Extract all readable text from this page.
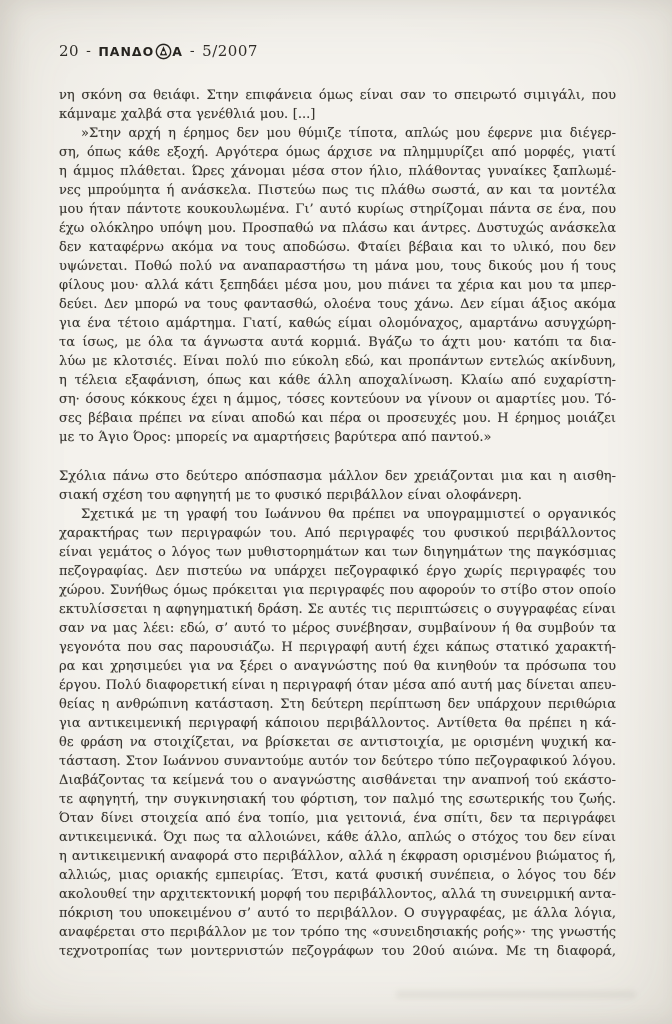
20 - ΠΑΝΔΟ Α - 5/2007
νη σκόνη σα θειάφι. Στην επιφάνεια όμως είναι σαν το σπειρωτό σιμιγάλι, που
κάμναμε χαλβά στα γενέθλιά μου. [...]
»Στην αρχή η έρημος δεν μου θύμιζε τίποτα, απλώς μου έφερνε μια διέγερ-
ση, όπως κάθε εξοχή. Αργότερα όμως άρχισε να πλημμυρίζει από μορφές, γιατί
η άμμος πλάθεται. Ώρες χάνομαι μέσα στον ήλιο, πλάθοντας γυναίκες ξαπλωμέ-
νες μπρούμητα ή ανάσκελα. Πιστεύω πως τις πλάθω σωστά, αν και τα μοντέλα
μου ήταν πάντοτε κουκουλωμένα. Γι’ αυτό κυρίως στηρίζομαι πάντα σε ένα, που
έχω ολόκληρο υπόψη μου. Προσπαθώ να πλάσω και άντρες. Δυστυχώς ανάσκελα
δεν καταφέρνω ακόμα να τους αποδώσω. Φταίει βέβαια και το υλικό, που δεν
υψώνεται. Ποθώ πολύ να αναπαραστήσω τη μάνα μου, τους δικούς μου ή τους
φίλους μου· αλλά κάτι ξεπηδάει μέσα μου, μου πιάνει τα χέρια και μου τα μπερ-
δεύει. Δεν μπορώ να τους φαντασθώ, ολοένα τους χάνω. Δεν είμαι άξιος ακόμα
για ένα τέτοιο αμάρτημα. Γιατί, καθώς είμαι ολομόναχος, αμαρτάνω ασυγχώρη-
τα ίσως, με όλα τα άγνωστα αυτά κορμιά. Βγάζω το άχτι μου· κατόπι τα δια-
λύω με κλοτσιές. Είναι πολύ πιο εύκολη εδώ, και προπάντων εντελώς ακίνδυνη,
η τέλεια εξαφάνιση, όπως και κάθε άλλη αποχαλίνωση. Κλαίω από ευχαρίστη-
ση· όσους κόκκους έχει η άμμος, τόσες κοντεύουν να γίνουν οι αμαρτίες μου. Τό-
σες βέβαια πρέπει να είναι αποδώ και πέρα οι προσευχές μου. Η έρημος μοιάζει
με το Άγιο Όρος: μπορείς να αμαρτήσεις βαρύτερα από παντού.»
Σχόλια πάνω στο δεύτερο απόσπασμα μάλλον δεν χρειάζονται μια και η αισθη-
σιακή σχέση του αφηγητή με το φυσικό περιβάλλον είναι ολοφάνερη.
Σχετικά με τη γραφή του Ιωάννου θα πρέπει να υπογραμμιστεί ο οργανικός
χαρακτήρας των περιγραφών του. Από περιγραφές του φυσικού περιβάλλοντος
είναι γεμάτος ο λόγος των μυθιστορημάτων και των διηγημάτων της παγκόσμιας
πεζογραφίας. Δεν πιστεύω να υπάρχει πεζογραφικό έργο χωρίς περιγραφές του
χώρου. Συνήθως όμως πρόκειται για περιγραφές που αφορούν το στίβο στον οποίο
εκτυλίσσεται η αφηγηματική δράση. Σε αυτές τις περιπτώσεις ο συγγραφέας είναι
σαν να μας λέει: εδώ, σ’ αυτό το μέρος συνέβησαν, συμβαίνουν ή θα συμβούν τα
γεγονότα που σας παρουσιάζω. Η περιγραφή αυτή έχει κάπως στατικό χαρακτή-
ρα και χρησιμεύει για να ξέρει ο αναγνώστης πού θα κινηθούν τα πρόσωπα του
έργου. Πολύ διαφορετική είναι η περιγραφή όταν μέσα από αυτή μας δίνεται απευ-
θείας η ανθρώπινη κατάσταση. Στη δεύτερη περίπτωση δεν υπάρχουν περιθώρια
για αντικειμενική περιγραφή κάποιου περιβάλλοντος. Αντίθετα θα πρέπει η κά-
θε φράση να στοιχίζεται, να βρίσκεται σε αντιστοιχία, με ορισμένη ψυχική κα-
τάσταση. Στον Ιωάννου συναντούμε αυτόν τον δεύτερο τύπο πεζογραφικού λόγου.
Διαβάζοντας τα κείμενά του ο αναγνώστης αισθάνεται την αναπνοή τού εκάστο-
τε αφηγητή, την συγκινησιακή του φόρτιση, τον παλμό της εσωτερικής του ζωής.
Όταν δίνει στοιχεία από ένα τοπίο, μια γειτονιά, ένα σπίτι, δεν τα περιγράφει
αντικειμενικά. Όχι πως τα αλλοιώνει, κάθε άλλο, απλώς ο στόχος του δεν είναι
η αντικειμενική αναφορά στο περιβάλλον, αλλά η έκφραση ορισμένου βιώματος ή,
αλλιώς, μιας οριακής εμπειρίας. Έτσι, κατά φυσική συνέπεια, ο λόγος του δέν
ακολουθεί την αρχιτεκτονική μορφή του περιβάλλοντος, αλλά τη συνειρμική αντα-
πόκριση του υποκειμένου σ’ αυτό το περιβάλλον. Ο συγγραφέας, με άλλα λόγια,
αναφέρεται στο περιβάλλον με τον τρόπο της «συνειδησιακής ροής»· της γνωστής
τεχνοτροπίας των μοντερνιστών πεζογράφων του 20ού αιώνα. Με τη διαφορά,
